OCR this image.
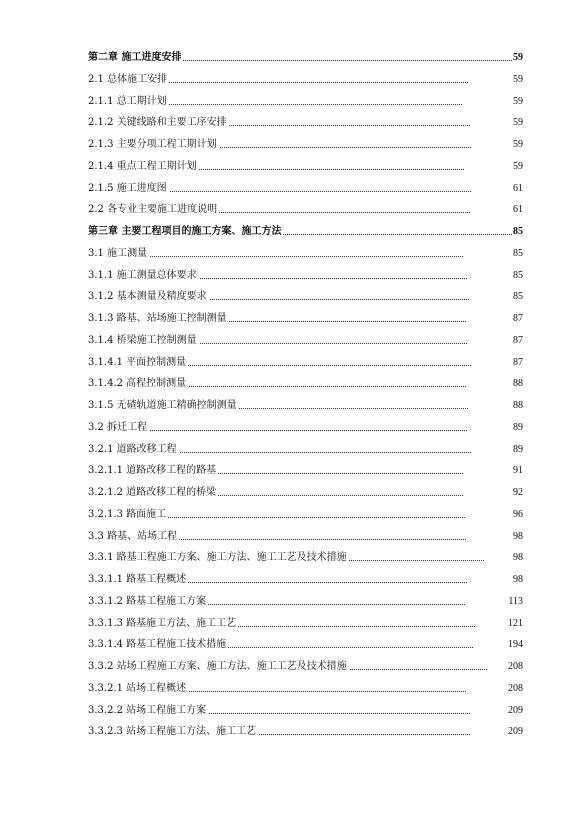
第二章 施工进度安排	59
2.1 总体施工安排	59
2.1.1 总工期计划	59
2.1.2 关键线路和主要工序安排	59
2.1.3 主要分项工程工期计划	59
2.1.4 重点工程工期计划	59
2.1.5 施工进度图	61
2.2 各专业主要施工进度说明	61
第三章 主要工程项目的施工方案、施工方法	85
3.1 施工测量	85
3.1.1 施工测量总体要求	85
3.1.2 基本测量及精度要求	85
3.1.3 路基、站场施工控制测量	87
3.1.4 桥梁施工控制测量	87
3.1.4.1 平面控制测量	87
3.1.4.2 高程控制测量	88
3.1.5 无碴轨道施工精确控制测量	88
3.2 拆迁工程	89
3.2.1 道路改移工程	89
3.2.1.1 道路改移工程的路基	91
3.2.1.2 道路改移工程的桥梁	92
3.2.1.3 路面施工	96
3.3 路基、站场工程	98
3.3.1 路基工程施工方案、施工方法、施工工艺及技术措施	98
3.3.1.1 路基工程概述	98
3.3.1.2 路基工程施工方案	113
3.3.1.3 路基施工方法、施工工艺	121
3.3.1.4 路基工程施工技术措施	194
3.3.2 站场工程施工方案、施工方法、施工工艺及技术措施	208
3.3.2.1 站场工程概述	208
3.3.2.2 站场工程施工方案	209
3.3.2.3 站场工程施工方法、施工工艺	209
